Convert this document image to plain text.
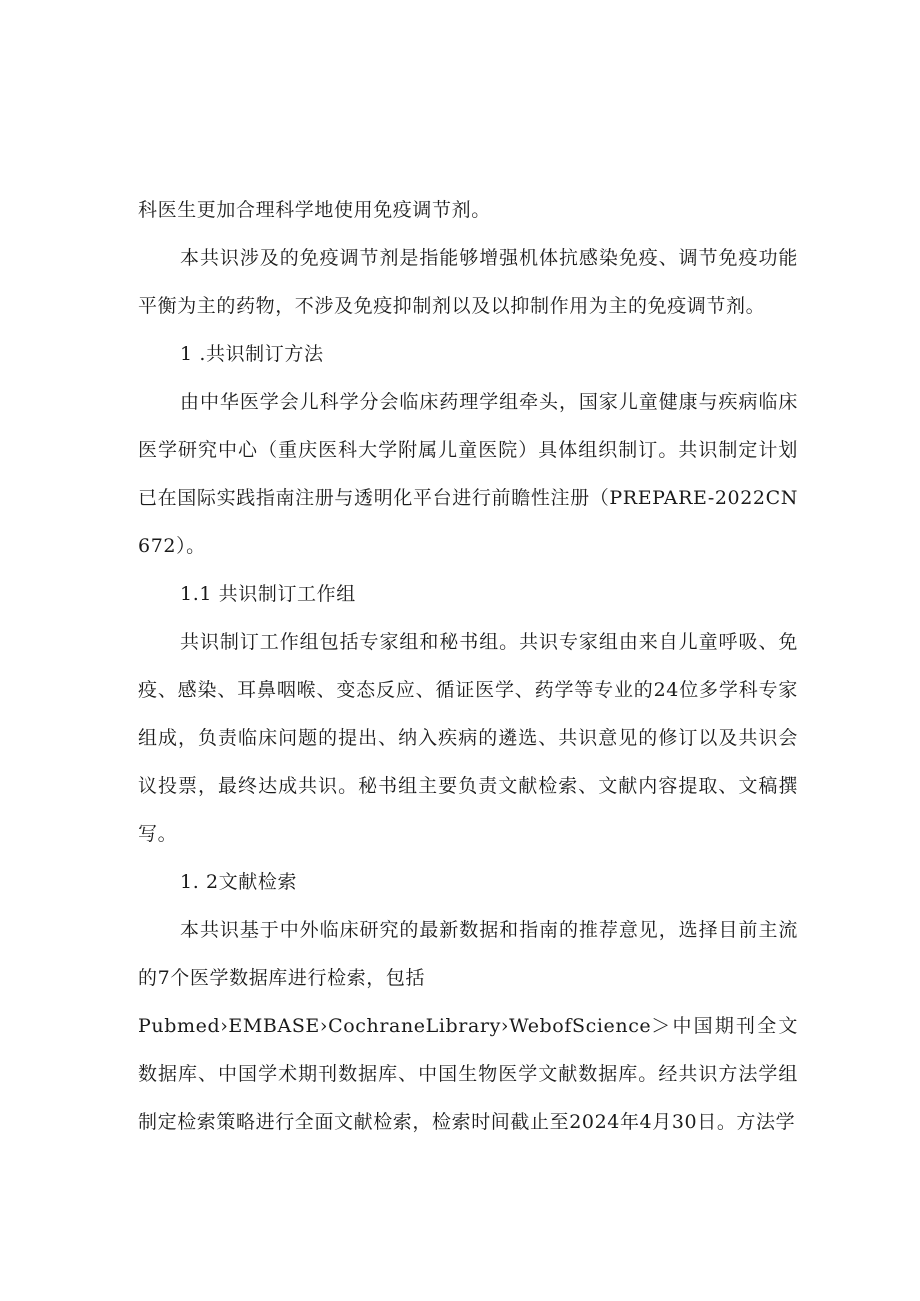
科医生更加合理科学地使用免疫调节剂。

本共识涉及的免疫调节剂是指能够增强机体抗感染免疫、调节免疫功能平衡为主的药物，不涉及免疫抑制剂以及以抑制作用为主的免疫调节剂。

1 .共识制订方法

由中华医学会儿科学分会临床药理学组牵头，国家儿童健康与疾病临床医学研究中心（重庆医科大学附属儿童医院）具体组织制订。共识制定计划已在国际实践指南注册与透明化平台进行前瞻性注册（PREPARE-2022CN672）。

1.1 共识制订工作组

共识制订工作组包括专家组和秘书组。共识专家组由来自儿童呼吸、免疫、感染、耳鼻咽喉、变态反应、循证医学、药学等专业的24位多学科专家组成，负责临床问题的提出、纳入疾病的遴选、共识意见的修订以及共识会议投票，最终达成共识。秘书组主要负责文献检索、文献内容提取、文稿撰写。

1. 2文献检索

本共识基于中外临床研究的最新数据和指南的推荐意见，选择目前主流的7个医学数据库进行检索，包括

Pubmed›EMBASE›CochraneLibrary›WebofScience＞中国期刊全文数据库、中国学术期刊数据库、中国生物医学文献数据库。经共识方法学组制定检索策略进行全面文献检索，检索时间截止至2024年4月30日。方法学
